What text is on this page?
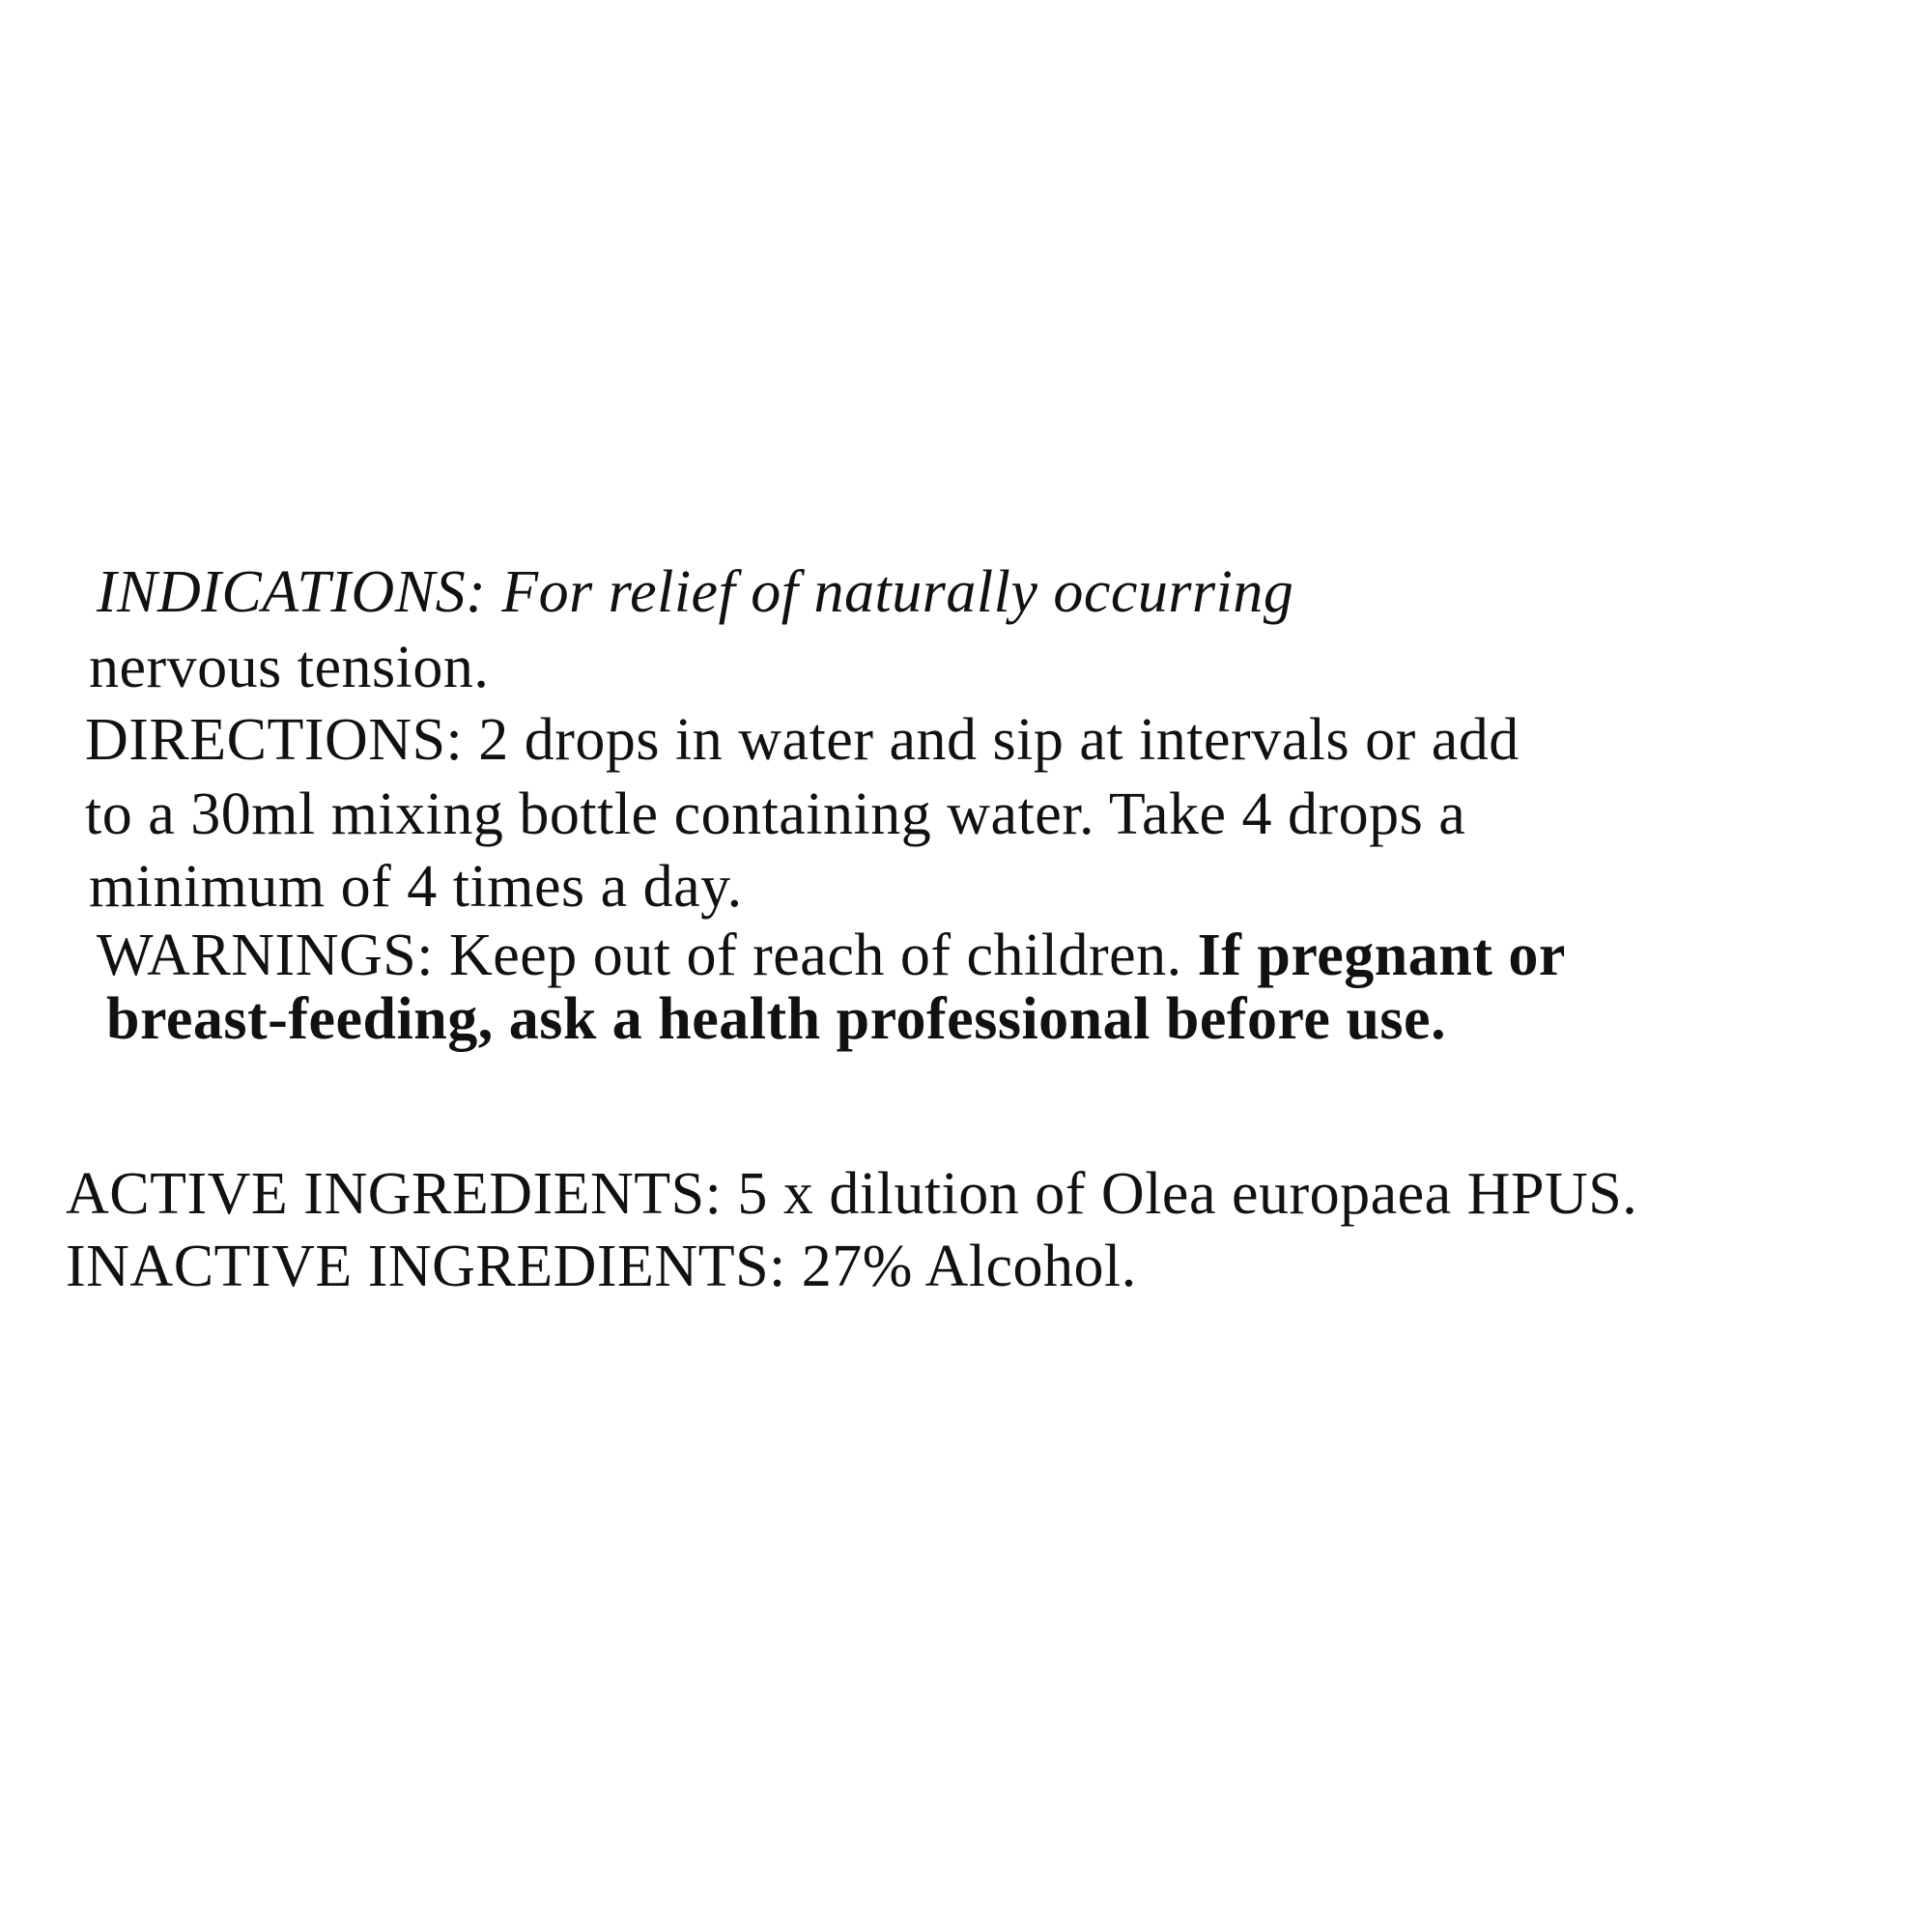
INDICATIONS: For relief of naturally occurring
nervous tension.
DIRECTIONS: 2 drops in water and sip at intervals or add
to a 30ml mixing bottle containing water. Take 4 drops a
minimum of 4 times a day.
WARNINGS: Keep out of reach of children. If pregnant or
breast-feeding, ask a health professional before use.
ACTIVE INGREDIENTS: 5 x dilution of Olea europaea HPUS.
INACTIVE INGREDIENTS: 27% Alcohol.
